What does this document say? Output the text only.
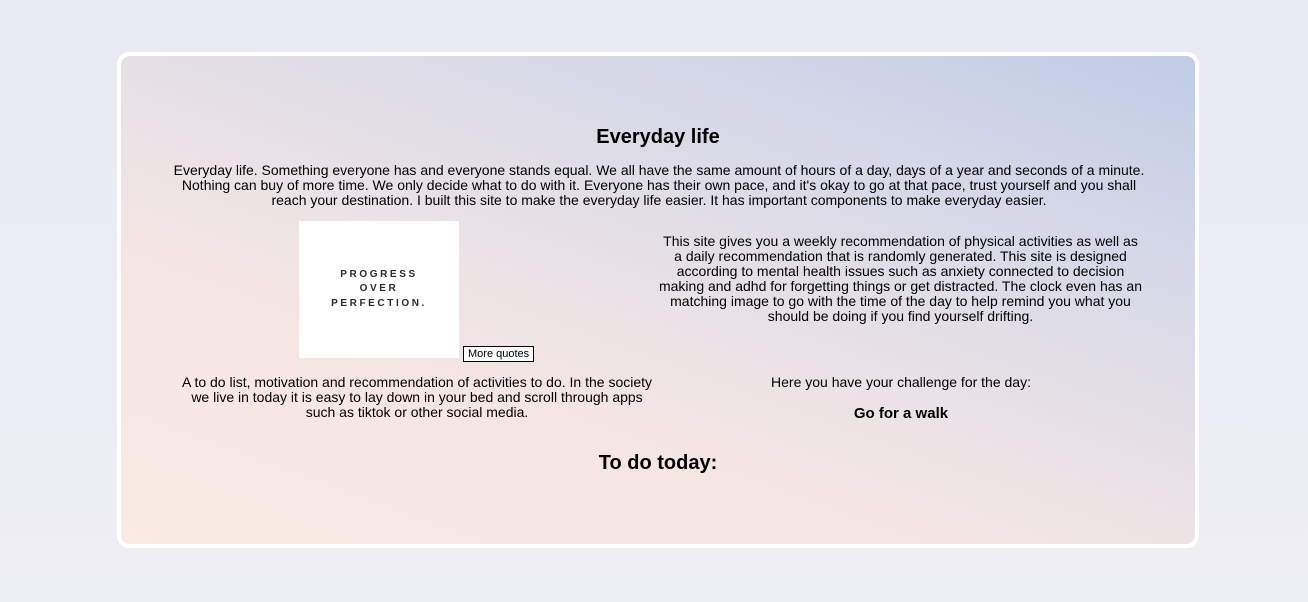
Everyday life

Everyday life. Something everyone has and everyone stands equal. We all have the same amount of hours of a day, days of a year and seconds of a minute. Nothing can buy of more time. We only decide what to do with it. Everyone has their own pace, and it's okay to go at that pace, trust yourself and you shall reach your destination. I built this site to make the everyday life easier. It has important components to make everyday easier.

PROGRESS
OVER
PERFECTION.
More quotes

This site gives you a weekly recommendation of physical activities as well as a daily recommendation that is randomly generated. This site is designed according to mental health issues such as anxiety connected to decision making and adhd for forgetting things or get distracted. The clock even has an matching image to go with the time of the day to help remind you what you should be doing if you find yourself drifting.

A to do list, motivation and recommendation of activities to do. In the society we live in today it is easy to lay down in your bed and scroll through apps such as tiktok or other social media.

Here you have your challenge for the day:

Go for a walk

To do today:
